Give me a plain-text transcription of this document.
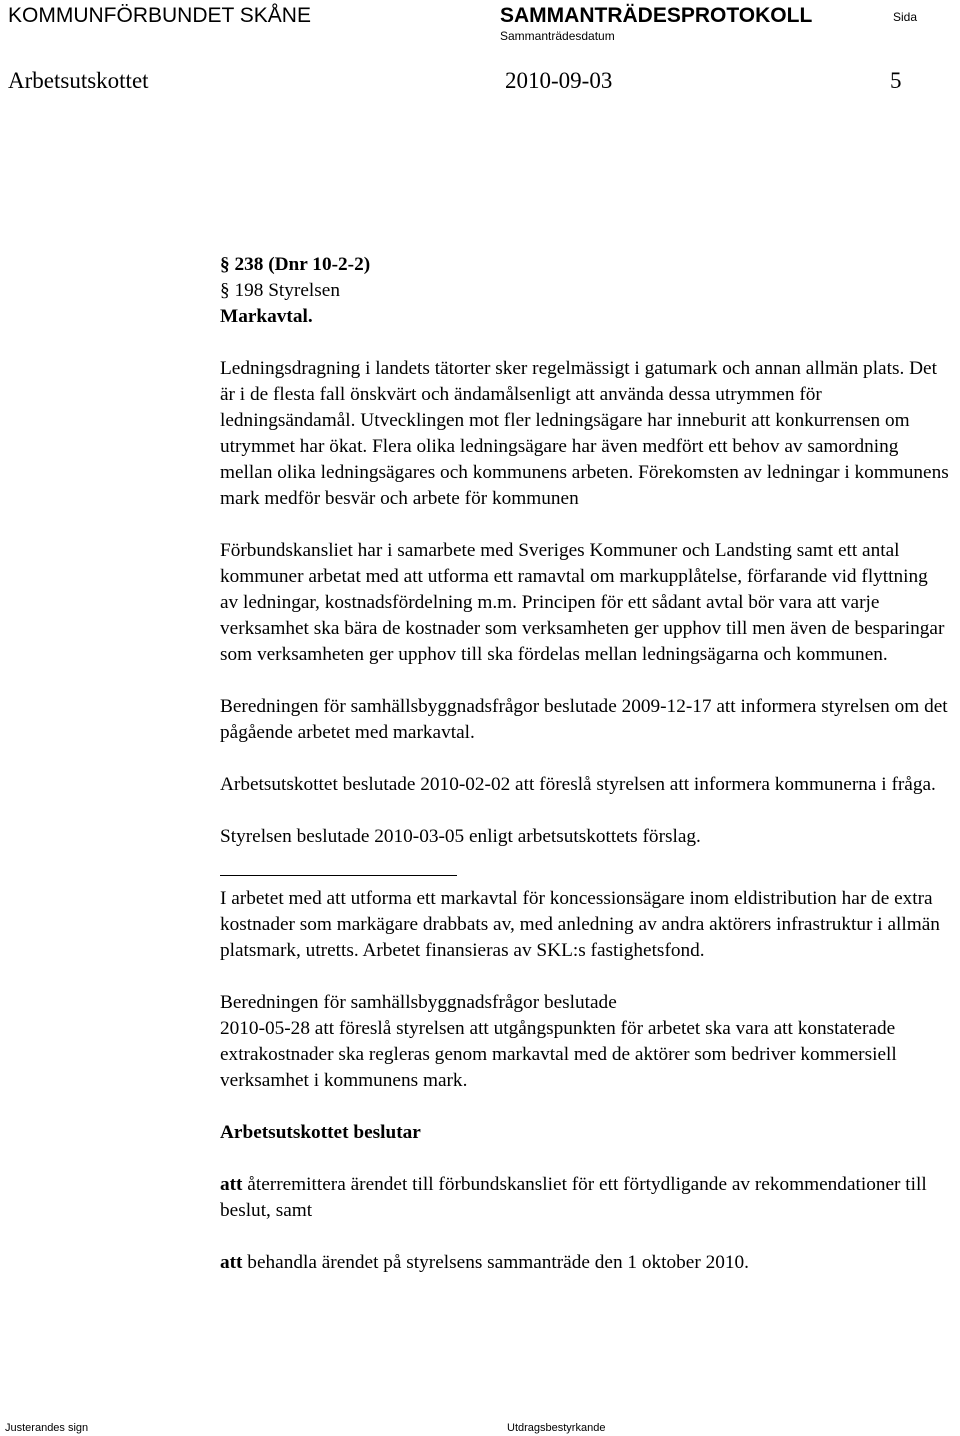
KOMMUNFÖRBUNDET SKÅNE	SAMMANTRÄDESPROTOKOLL
Sammanträdesdatum
Sida
Arbetsutskottet	2010-09-03	5
§ 238 (Dnr 10-2-2)
§ 198 Styrelsen
Markavtal.

Ledningsdragning i landets tätorter sker regelmässigt i gatumark och annan allmän plats. Det är i de flesta fall önskvärt och ändamålsenligt att använda dessa utrymmen för ledningsändamål. Utvecklingen mot fler ledningsägare har inneburit att konkurrensen om utrymmet har ökat. Flera olika ledningsägare har även medfört ett behov av samordning mellan olika ledningsägares och kommunens arbeten. Förekomsten av ledningar i kommunens mark medför besvär och arbete för kommunen

Förbundskansliet har i samarbete med Sveriges Kommuner och Landsting samt ett antal kommuner arbetat med att utforma ett ramavtal om markupplåtelse, förfarande vid flyttning av ledningar, kostnadsfördelning m.m. Principen för ett sådant avtal bör vara att varje verksamhet ska bära de kostnader som verksamheten ger upphov till men även de besparingar som verksamheten ger upphov till ska fördelas mellan ledningsägarna och kommunen.

Beredningen för samhällsbyggnadsfrågor beslutade 2009-12-17 att informera styrelsen om det pågående arbetet med markavtal.

Arbetsutskottet beslutade 2010-02-02 att föreslå styrelsen att informera kommunerna i fråga.

Styrelsen beslutade 2010-03-05 enligt arbetsutskottets förslag.

I arbetet med att utforma ett markavtal för koncessionsägare inom eldistribution har de extra kostnader som markägare drabbats av, med anledning av andra aktörers infrastruktur i allmän platsmark, utretts. Arbetet finansieras av SKL:s fastighetsfond.

Beredningen för samhällsbyggnadsfrågor beslutade
2010-05-28 att föreslå styrelsen att utgångspunkten för arbetet ska vara att konstaterade extrakostnader ska regleras genom markavtal med de aktörer som bedriver kommersiell verksamhet i kommunens mark.

Arbetsutskottet beslutar

att återremittera ärendet till förbundskansliet för ett förtydligande av rekommendationer till beslut, samt

att behandla ärendet på styrelsens sammanträde den 1 oktober 2010.

Justerandes sign	Utdragsbestyrkande
